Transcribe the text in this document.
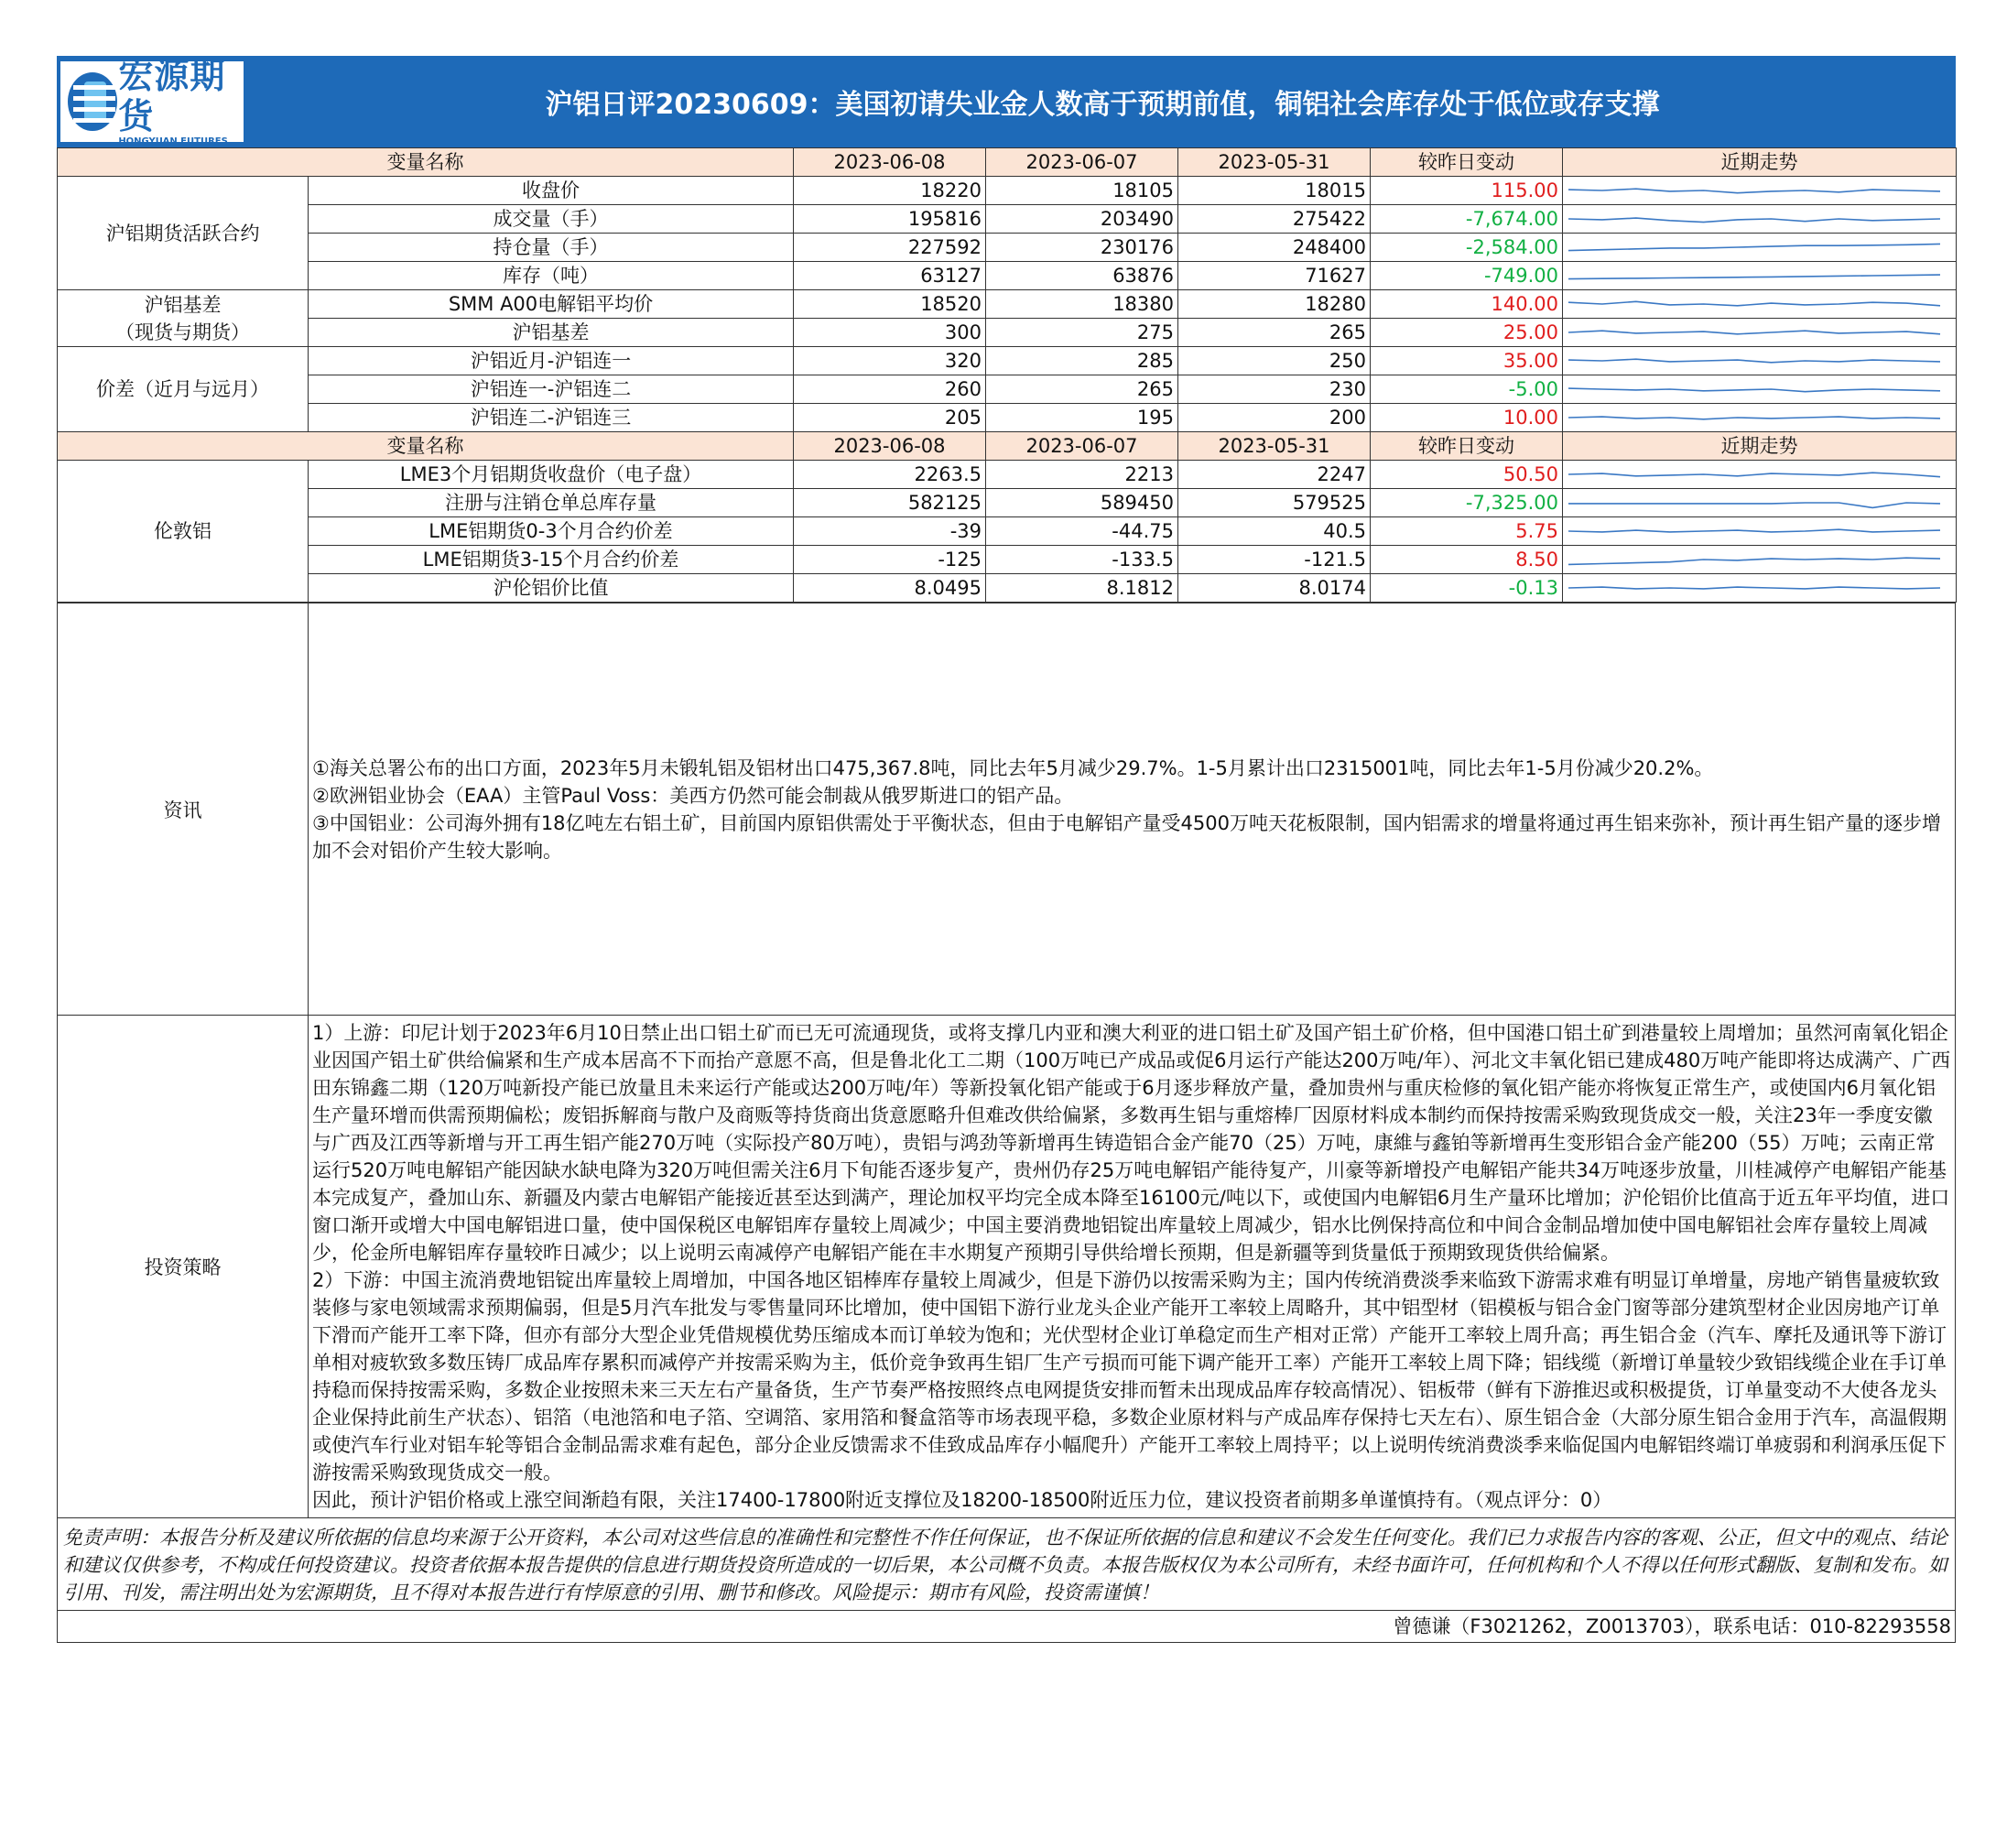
宏源期货
HONGYUAN FUTURES
沪铝日评20230609：美国初请失业金人数高于预期前值，铜铝社会库存处于低位或存支撑
变量名称		2023-06-08	2023-06-07	2023-05-31	较昨日变动	近期走势
沪铝期货活跃合约	收盘价	18220	18105	18015	115.00	

	成交量（手）	195816	203490	275422	-7,674.00	

	持仓量（手）	227592	230176	248400	-2,584.00	

	库存（吨）	63127	63876	71627	-749.00	

沪铝基差
（现货与期货）	SMM A00电解铝平均价	18520	18380	18280	140.00	

	沪铝基差	300	275	265	25.00	

价差（近月与远月）	沪铝近月-沪铝连一	320	285	250	35.00	

	沪铝连一-沪铝连二	260	265	230	-5.00	

	沪铝连二-沪铝连三	205	195	200	10.00	

变量名称		2023-06-08	2023-06-07	2023-05-31	较昨日变动	近期走势
伦敦铝	LME3个月铝期货收盘价（电子盘）	2263.5	2213	2247	50.50	

	注册与注销仓单总库存量	582125	589450	579525	-7,325.00	

	LME铝期货0-3个月合约价差	-39	-44.75	40.5	5.75	

	LME铝期货3-15个月合约价差	-125	-133.5	-121.5	8.50	

	沪伦铝价比值	8.0495	8.1812	8.0174	-0.13	
资讯	①海关总署公布的出口方面，2023年5月未锻轧铝及铝材出口475,367.8吨，同比去年5月减少29.7%。1-5月累计出口2315001吨，同比去年1-5月份减少20.2%。
②欧洲铝业协会（EAA）主管Paul Voss：美西方仍然可能会制裁从俄罗斯进口的铝产品。
③中国铝业：公司海外拥有18亿吨左右铝土矿，目前国内原铝供需处于平衡状态，但由于电解铝产量受4500万吨天花板限制，国内铝需求的增量将通过再生铝来弥补，预计再生铝产量的逐步增加不会对铝价产生较大影响。

投资策略	1）上游：印尼计划于2023年6月10日禁止出口铝土矿而已无可流通现货，或将支撑几内亚和澳大利亚的进口铝土矿及国产铝土矿价格，但中国港口铝土矿到港量较上周增加；虽然河南氧化铝企业因国产铝土矿供给偏紧和生产成本居高不下而抬产意愿不高，但是鲁北化工二期（100万吨已产成品或促6月运行产能达200万吨/年）、河北文丰氧化铝已建成480万吨产能即将达成满产、广西田东锦鑫二期（120万吨新投产能已放量且未来运行产能或达200万吨/年）等新投氧化铝产能或于6月逐步释放产量，叠加贵州与重庆检修的氧化铝产能亦将恢复正常生产，或使国内6月氧化铝生产量环增而供需预期偏松；废铝拆解商与散户及商贩等持货商出货意愿略升但难改供给偏紧，多数再生铝与重熔棒厂因原材料成本制约而保持按需采购致现货成交一般，关注23年一季度安徽与广西及江西等新增与开工再生铝产能270万吨（实际投产80万吨），贵铝与鸿劲等新增再生铸造铝合金产能70（25）万吨，康維与鑫铂等新增再生变形铝合金产能200（55）万吨；云南正常运行520万吨电解铝产能因缺水缺电降为320万吨但需关注6月下旬能否逐步复产，贵州仍存25万吨电解铝产能待复产，川豪等新增投产电解铝产能共34万吨逐步放量，川桂减停产电解铝产能基本完成复产，叠加山东、新疆及内蒙古电解铝产能接近甚至达到满产，理论加权平均完全成本降至16100元/吨以下，或使国内电解铝6月生产量环比增加；沪伦铝价比值高于近五年平均值，进口窗口渐开或增大中国电解铝进口量，使中国保税区电解铝库存量较上周减少；中国主要消费地铝锭出库量较上周减少，铝水比例保持高位和中间合金制品增加使中国电解铝社会库存量较上周减少，伦金所电解铝库存量较昨日减少；以上说明云南减停产电解铝产能在丰水期复产预期引导供给增长预期，但是新疆等到货量低于预期致现货供给偏紧。
2）下游：中国主流消费地铝锭出库量较上周增加，中国各地区铝棒库存量较上周减少，但是下游仍以按需采购为主；国内传统消费淡季来临致下游需求难有明显订单增量，房地产销售量疲软致装修与家电领域需求预期偏弱，但是5月汽车批发与零售量同环比增加，使中国铝下游行业龙头企业产能开工率较上周略升，其中铝型材（铝模板与铝合金门窗等部分建筑型材企业因房地产订单下滑而产能开工率下降，但亦有部分大型企业凭借规模优势压缩成本而订单较为饱和；光伏型材企业订单稳定而生产相对正常）产能开工率较上周升高；再生铝合金（汽车、摩托及通讯等下游订单相对疲软致多数压铸厂成品库存累积而减停产并按需采购为主，低价竞争致再生铝厂生产亏损而可能下调产能开工率）产能开工率较上周下降；铝线缆（新增订单量较少致铝线缆企业在手订单持稳而保持按需采购，多数企业按照未来三天左右产量备货，生产节奏严格按照终点电网提货安排而暂未出现成品库存较高情况）、铝板带（鲜有下游推迟或积极提货，订单量变动不大使各龙头企业保持此前生产状态）、铝箔（电池箔和电子箔、空调箔、家用箔和餐盒箔等市场表现平稳，多数企业原材料与产成品库存保持七天左右）、原生铝合金（大部分原生铝合金用于汽车，高温假期或使汽车行业对铝车轮等铝合金制品需求难有起色，部分企业反馈需求不佳致成品库存小幅爬升）产能开工率较上周持平；以上说明传统消费淡季来临促国内电解铝终端订单疲弱和利润承压促下游按需采购致现货成交一般。
因此，预计沪铝价格或上涨空间渐趋有限，关注17400-17800附近支撑位及18200-18500附近压力位，建议投资者前期多单谨慎持有。（观点评分：0）
免责声明：本报告分析及建议所依据的信息均来源于公开资料，本公司对这些信息的准确性和完整性不作任何保证，也不保证所依据的信息和建议不会发生任何变化。我们已力求报告内容的客观、公正，但文中的观点、结论和建议仅供参考，不构成任何投资建议。投资者依据本报告提供的信息进行期货投资所造成的一切后果，本公司概不负责。本报告版权仅为本公司所有，未经书面许可，任何机构和个人不得以任何形式翻版、复制和发布。如引用、刊发，需注明出处为宏源期货，且不得对本报告进行有悖原意的引用、删节和修改。风险提示：期市有风险，投资需谨慎！
曾德谦（F3021262，Z0013703），联系电话：010-82293558
